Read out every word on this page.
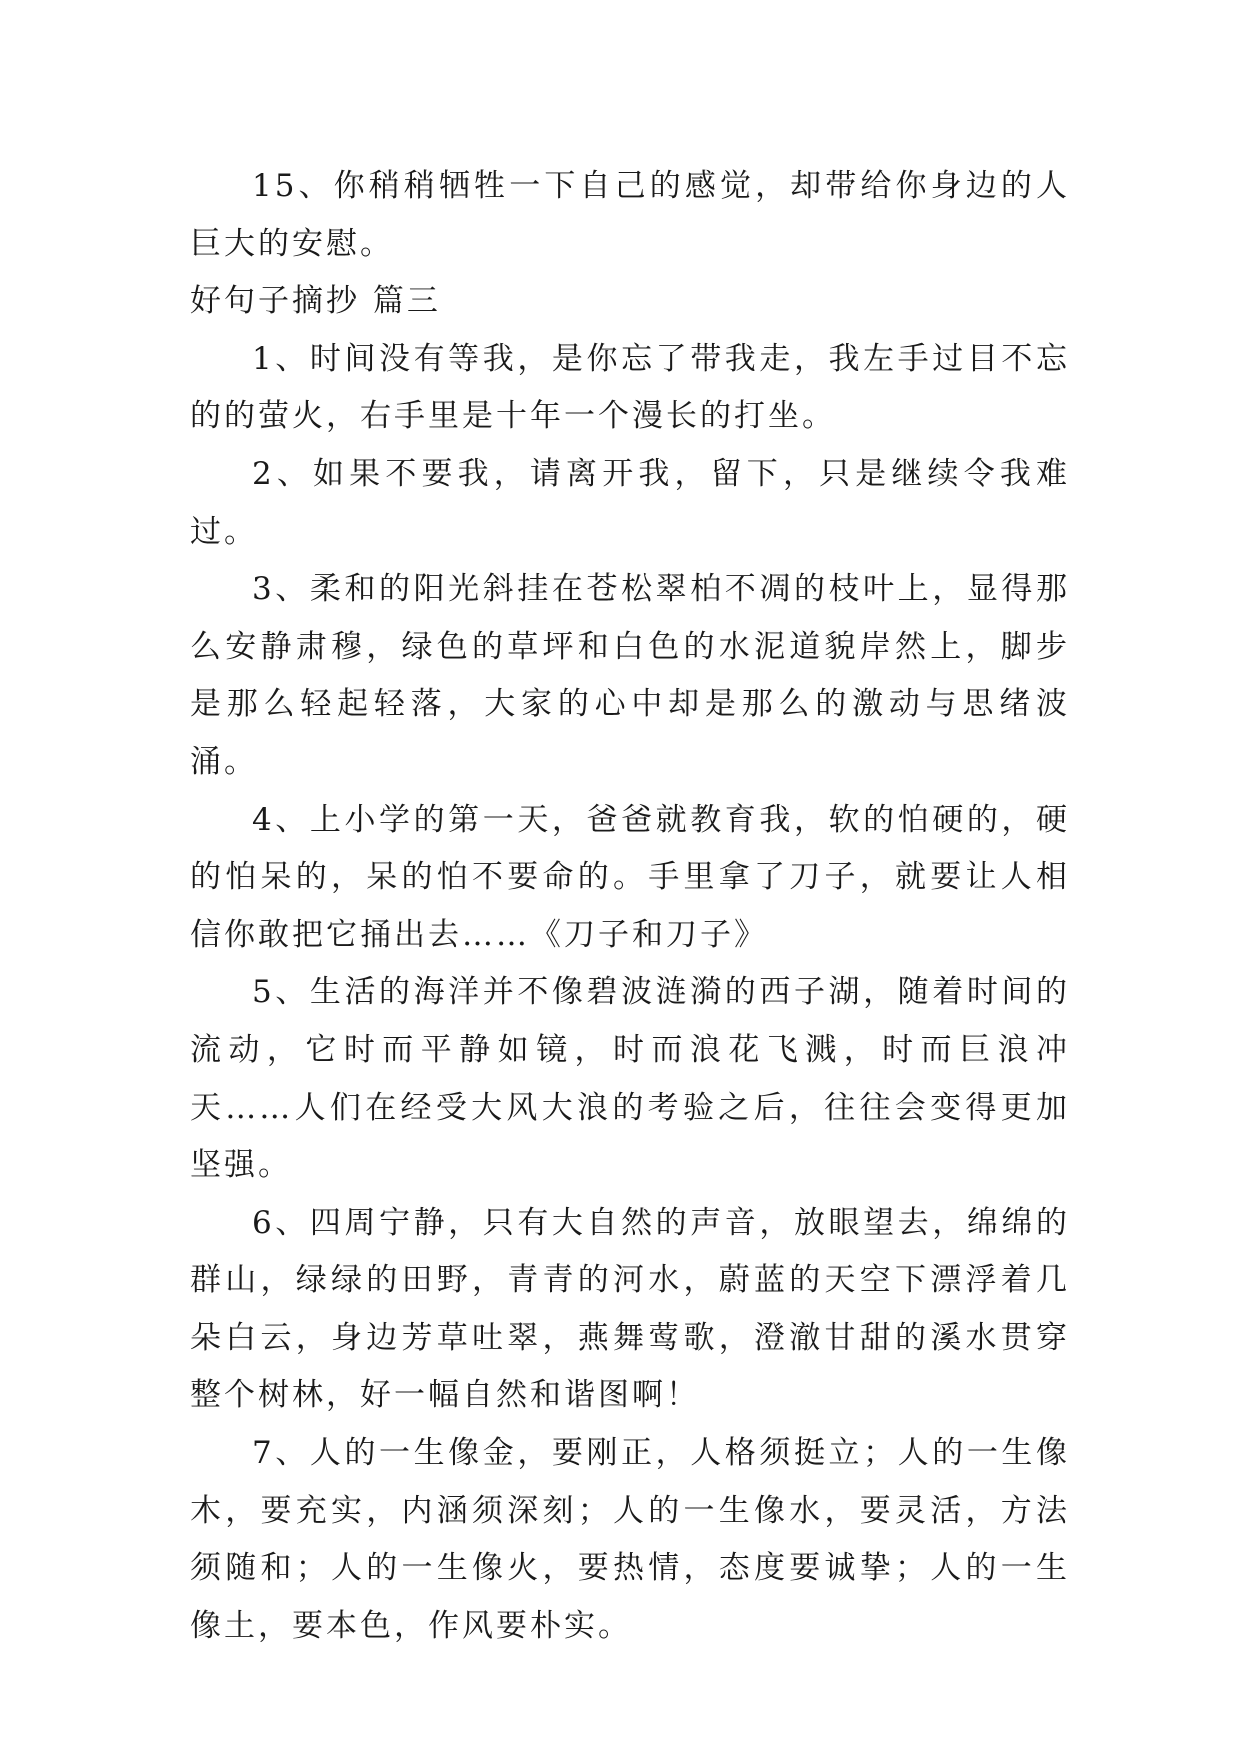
15、你稍稍牺牲一下自己的感觉，却带给你身边的人巨大的安慰。

好句子摘抄 篇三

1、时间没有等我，是你忘了带我走，我左手过目不忘的的萤火，右手里是十年一个漫长的打坐。

2、如果不要我，请离开我，留下，只是继续令我难过。

3、柔和的阳光斜挂在苍松翠柏不凋的枝叶上，显得那么安静肃穆，绿色的草坪和白色的水泥道貌岸然上，脚步是那么轻起轻落，大家的心中却是那么的激动与思绪波涌。

4、上小学的第一天，爸爸就教育我，软的怕硬的，硬的怕呆的，呆的怕不要命的。手里拿了刀子，就要让人相信你敢把它捅出去……《刀子和刀子》

5、生活的海洋并不像碧波涟漪的西子湖，随着时间的流动，它时而平静如镜，时而浪花飞溅，时而巨浪冲天……人们在经受大风大浪的考验之后，往往会变得更加坚强。

6、四周宁静，只有大自然的声音，放眼望去，绵绵的群山，绿绿的田野，青青的河水，蔚蓝的天空下漂浮着几朵白云，身边芳草吐翠，燕舞莺歌，澄澈甘甜的溪水贯穿整个树林，好一幅自然和谐图啊！

7、人的一生像金，要刚正，人格须挺立；人的一生像木，要充实，内涵须深刻；人的一生像水，要灵活，方法须随和；人的一生像火，要热情，态度要诚挚；人的一生像土，要本色，作风要朴实。
